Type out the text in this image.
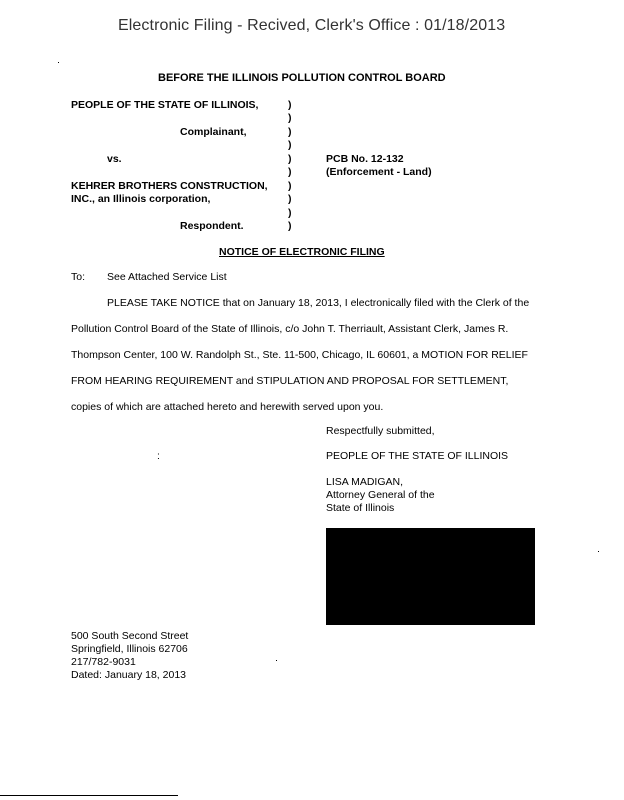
Electronic Filing - Recived, Clerk's Office : 01/18/2013
BEFORE THE ILLINOIS POLLUTION CONTROL BOARD
PEOPLE OF THE STATE OF ILLINOIS,
Complainant,
vs.
KEHRER BROTHERS CONSTRUCTION,
INC., an Illinois corporation,
Respondent.
)
)
)
)
)
)
)
)
)
)
PCB No. 12-132
(Enforcement - Land)
NOTICE OF ELECTRONIC FILING
To: See Attached Service List
PLEASE TAKE NOTICE that on January 18, 2013, I electronically filed with the Clerk of the
Pollution Control Board of the State of Illinois, c/o John T. Therriault, Assistant Clerk, James R.
Thompson Center, 100 W. Randolph St., Ste. 11-500, Chicago, IL 60601, a MOTION FOR RELIEF
FROM HEARING REQUIREMENT and STIPULATION AND PROPOSAL FOR SETTLEMENT,
copies of which are attached hereto and herewith served upon you.
Respectfully submitted,
PEOPLE OF THE STATE OF ILLINOIS
:
LISA MADIGAN,
Attorney General of the
State of Illinois
500 South Second Street
Springfield, Illinois 62706
217/782-9031
Dated: January 18, 2013
